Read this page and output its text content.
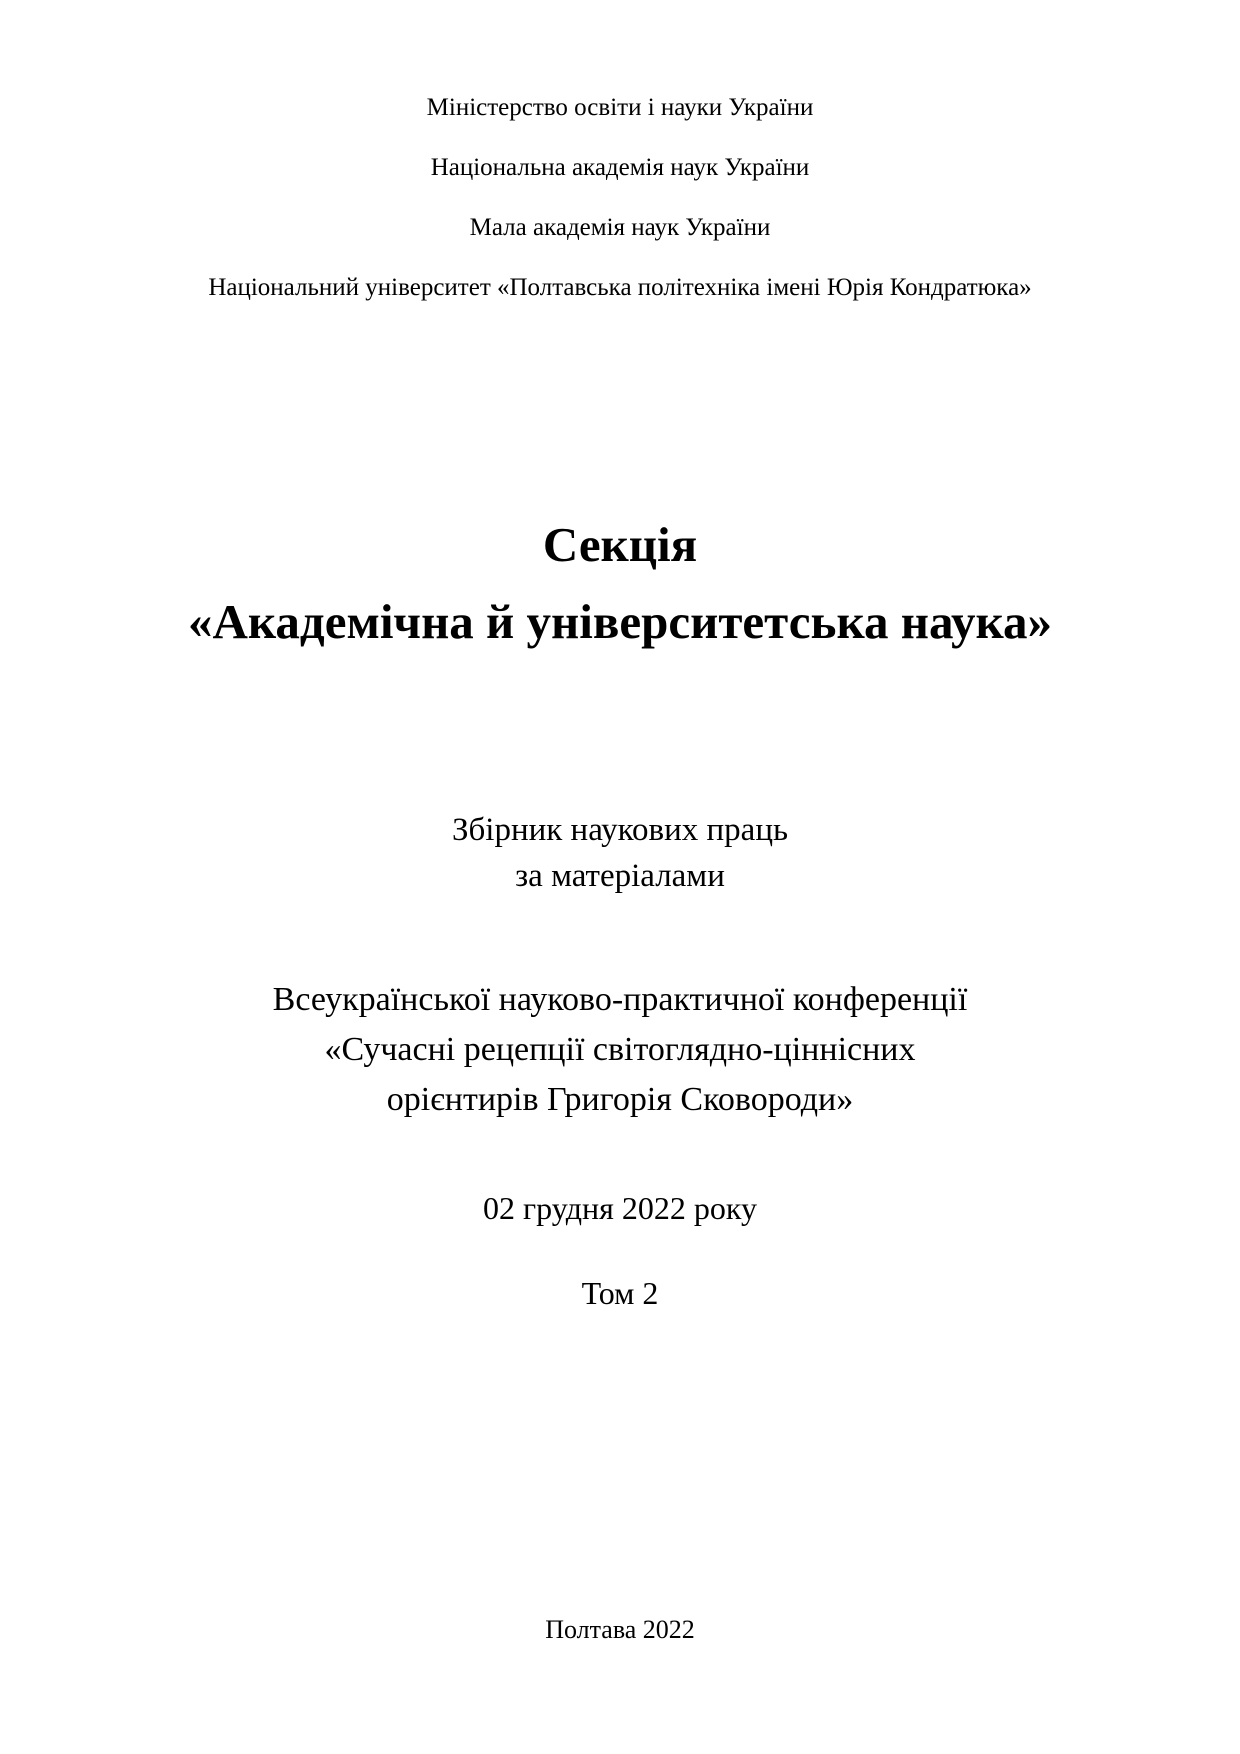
Міністерство освіти і науки України
Національна академія наук України
Мала академія наук України
Національний університет «Полтавська політехніка імені Юрія Кондратюка»
Секція
«Академічна й університетська наука»
Збірник наукових праць
за матеріалами
Всеукраїнської науково-практичної конференції
«Сучасні рецепції світоглядно-ціннісних
орієнтирів Григорія Сковороди»
02 грудня 2022 року
Том 2
Полтава 2022
